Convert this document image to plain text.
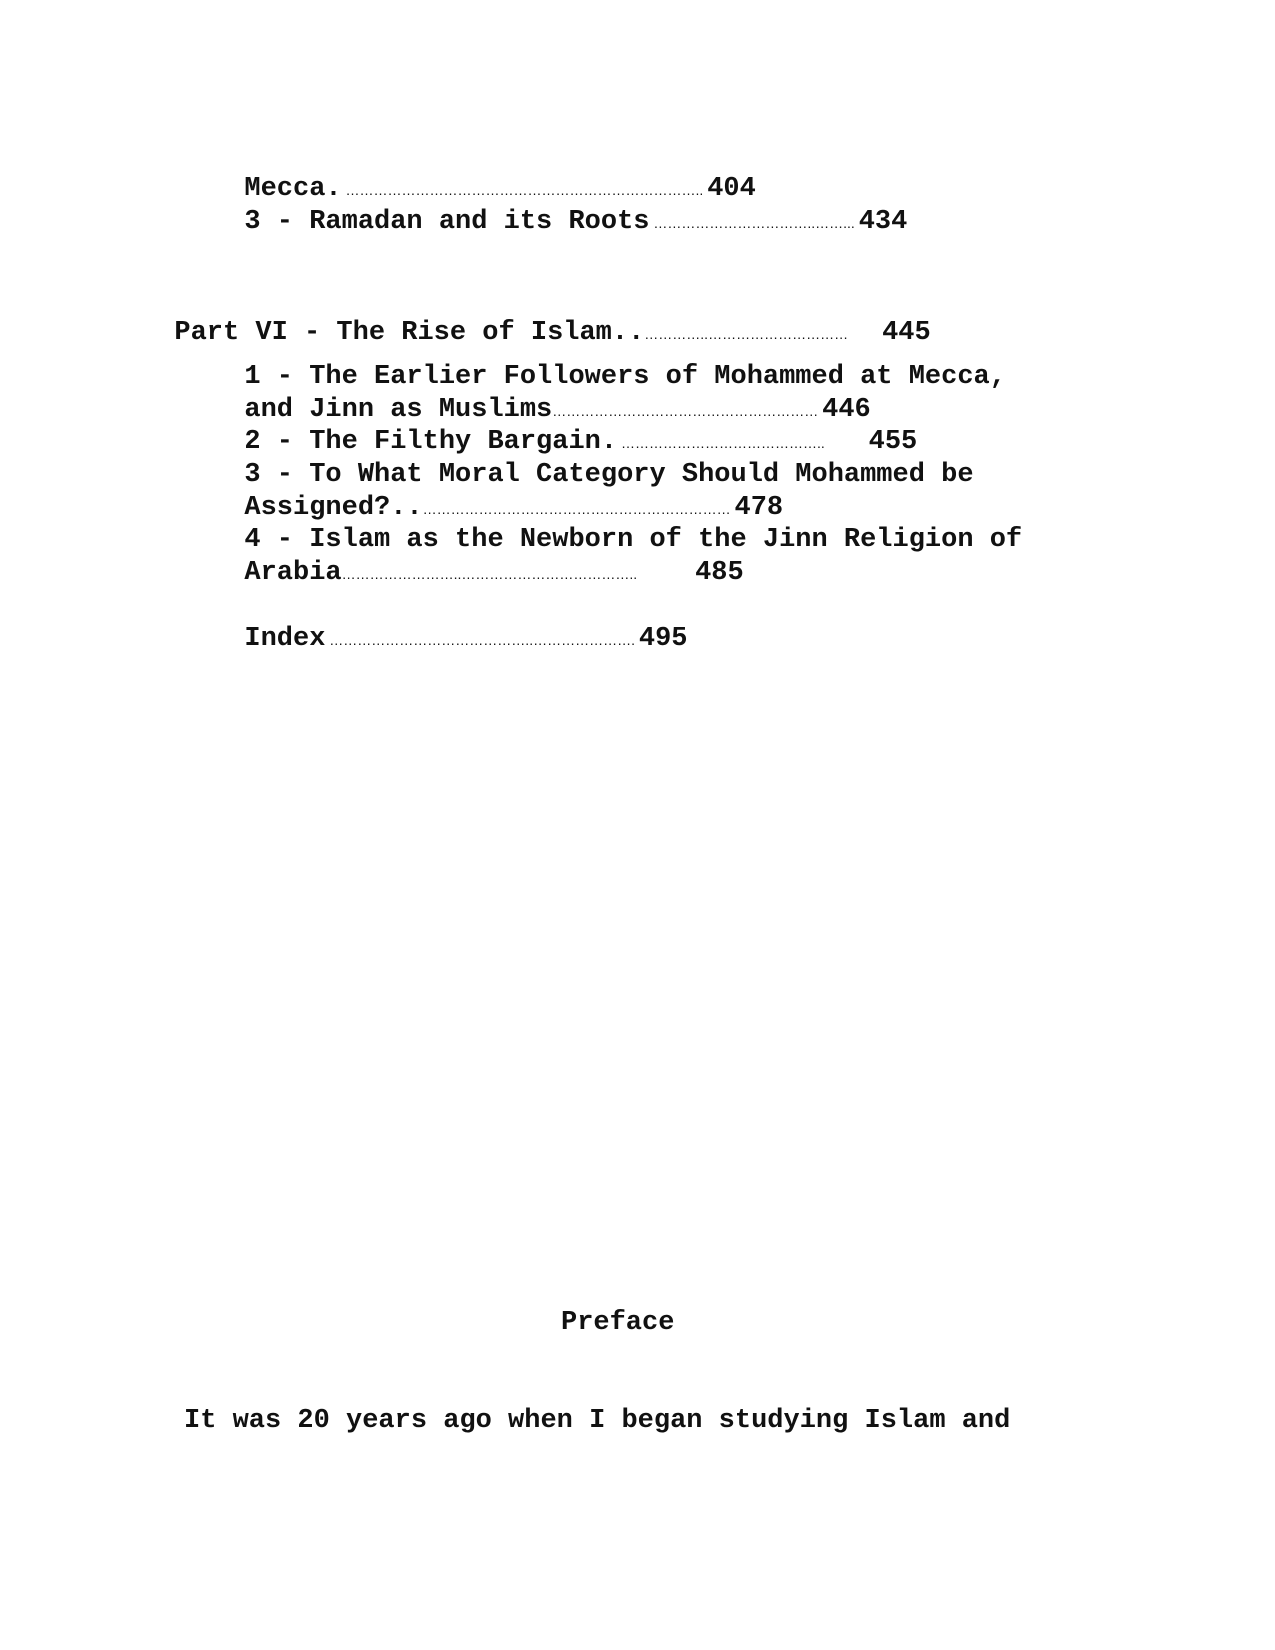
Mecca. ………………………………………………………………….. 404

3 - Ramadan and its Roots ……………………………..……... 434

Part VI - The Rise of Islam..…………..………………………… 445

1 - The Earlier Followers of Mohammed at Mecca,

and Jinn as Muslims………………………………………………… 446

2 - The Filthy Bargain. …………………………………….. 455

3 - To What Moral Category Should Mohammed be

Assigned?..………………………………………………………… 478

4 - Islam as the Newborn of the Jinn Religion of

Arabia……………………..……………………………….. 485

Index ……………………………………..…………………. 495

Preface
It was 20 years ago when I began studying Islam and
